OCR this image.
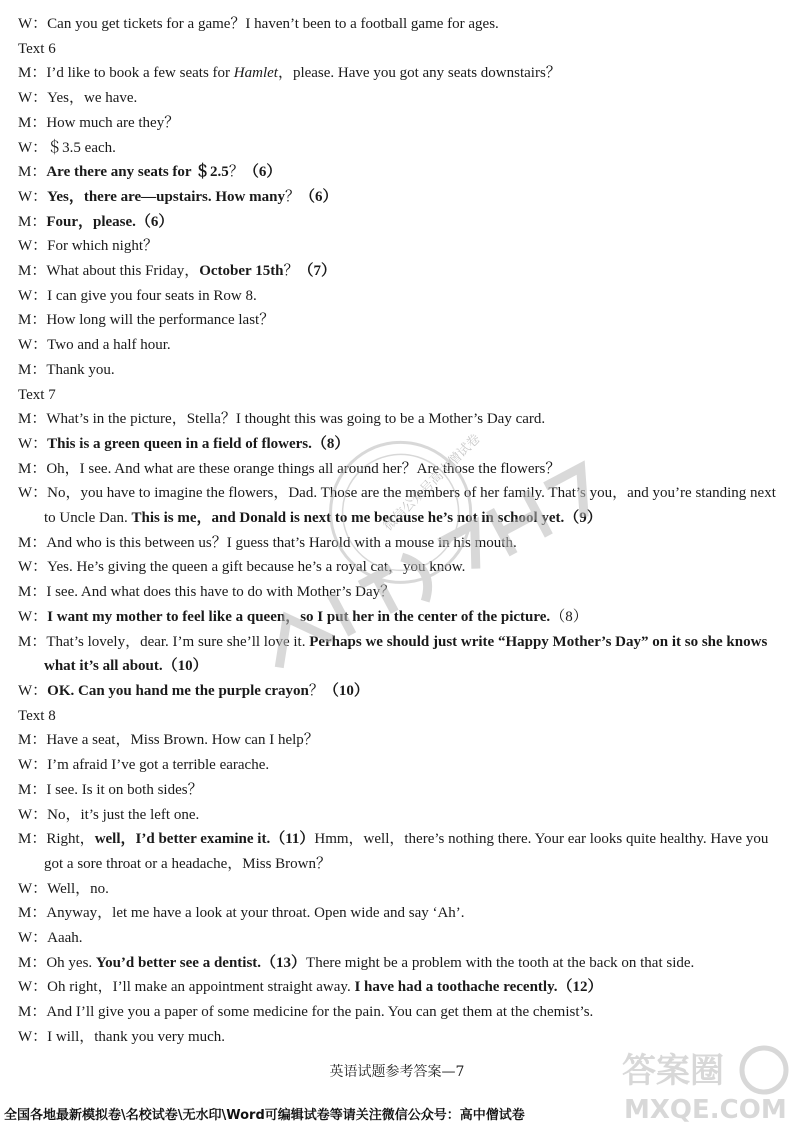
W：Can you get tickets for a game？I haven’t been to a football game for ages.
Text 6
M：I’d like to book a few seats for Hamlet，please. Have you got any seats downstairs？
W：Yes，we have.
M：How much are they？
W：＄3.5 each.
M：Are there any seats for ＄2.5？（6）
W：Yes，there are—upstairs. How many？（6）
M：Four，please.（6）
W：For which night？
M：What about this Friday，October 15th？（7）
W：I can give you four seats in Row 8.
M：How long will the performance last？
W：Two and a half hour.
M：Thank you.
Text 7
M：What’s in the picture，Stella？I thought this was going to be a Mother’s Day card.
W：This is a green queen in a field of flowers.（8）
M：Oh，I see. And what are these orange things all around her？Are those the flowers？
W：No，you have to imagine the flowers，Dad. Those are the members of her family. That’s you，and you’re standing next to Uncle Dan. This is me，and Donald is next to me because he’s not in school yet.（9）
M：And who is this between us？I guess that’s Harold with a mouse in his mouth.
W：Yes. He’s giving the queen a gift because he’s a royal cat，you know.
M：I see. And what does this have to do with Mother’s Day？
W：I want my mother to feel like a queen，so I put her in the center of the picture.（8）
M：That’s lovely，dear. I’m sure she’ll love it. Perhaps we should just write “Happy Mother’s Day” on it so she knows what it’s all about.（10）
W：OK. Can you hand me the purple crayon？（10）
Text 8
M：Have a seat，Miss Brown. How can I help？
W：I’m afraid I’ve got a terrible earache.
M：I see. Is it on both sides？
W：No，it’s just the left one.
M：Right，well，I’d better examine it.（11）Hmm，well，there’s nothing there. Your ear looks quite healthy. Have you got a sore throat or a headache，Miss Brown？
W：Well，no.
M：Anyway，let me have a look at your throat. Open wide and say ‘Ah’.
W：Aaah.
M：Oh yes. You’d better see a dentist.（13）There might be a problem with the tooth at the back on that side.
W：Oh right，I’ll make an appointment straight away. I have had a toothache recently.（12）
M：And I’ll give you a paper of some medicine for the pain. You can get them at the chemist’s.
W：I will，thank you very much.
微信公众号高中僧试卷
答案圈
MXQE.COM
英语试题参考答案—7
全国各地最新模拟卷\名校试卷\无水印\Word可编辑试卷等请关注微信公众号：高中僧试卷
